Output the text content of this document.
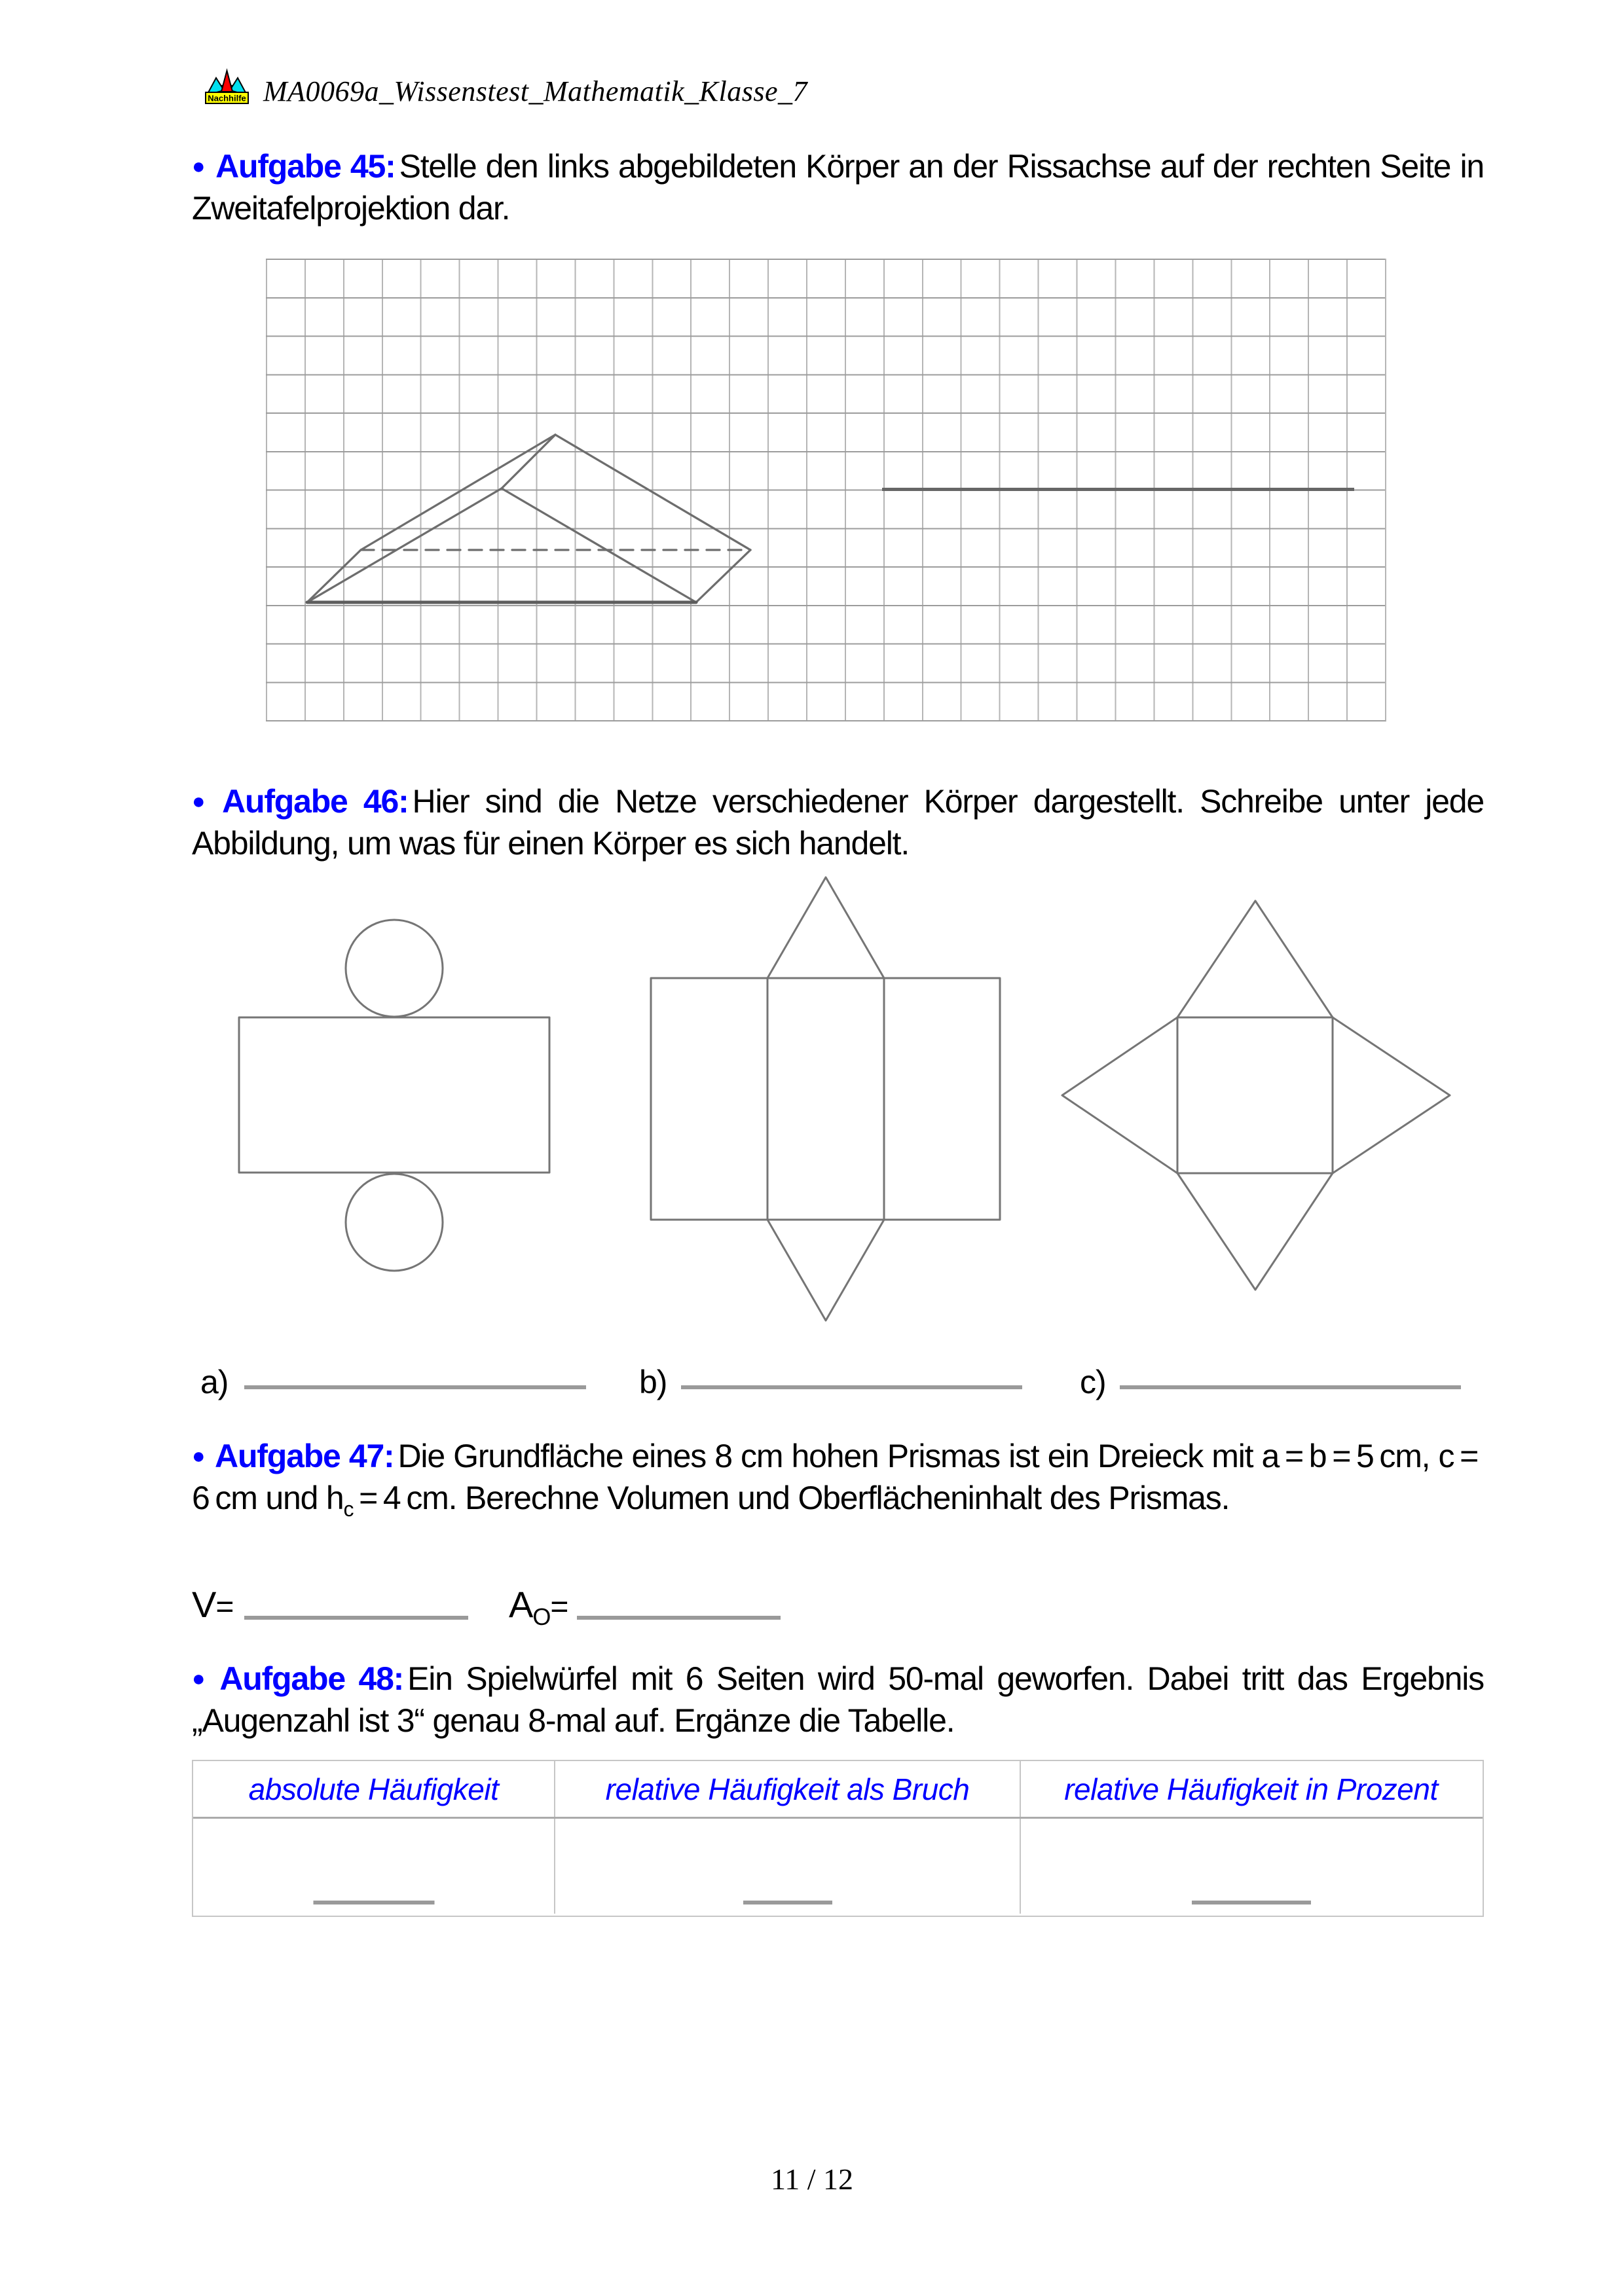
Nachhilfe MA0069a_Wissenstest_Mathematik_Klasse_7
● Aufgabe 45: Stelle den links abgebildeten Körper an der Rissachse auf der rechten Seite in Zweitafelprojektion dar.
● Aufgabe 46: Hier sind die Netze verschiedener Körper dargestellt. Schreibe unter jede Abbildung, um was für einen Körper es sich handelt.
a)	b)	c)
● Aufgabe 47: Die Grundfläche eines 8 cm hohen Prismas ist ein Dreieck mit a = b = 5 cm, c = 6 cm und $h_c = 4$ cm. Berechne Volumen und Oberflächeninhalt des Prismas.
V=	$A_O=$
● Aufgabe 48: Ein Spielwürfel mit 6 Seiten wird 50-mal geworfen. Dabei tritt das Ergebnis „Augenzahl ist 3“ genau 8-mal auf. Ergänze die Tabelle.
absolute Häufigkeit	relative Häufigkeit als Bruch	relative Häufigkeit in Prozent
11 / 12
